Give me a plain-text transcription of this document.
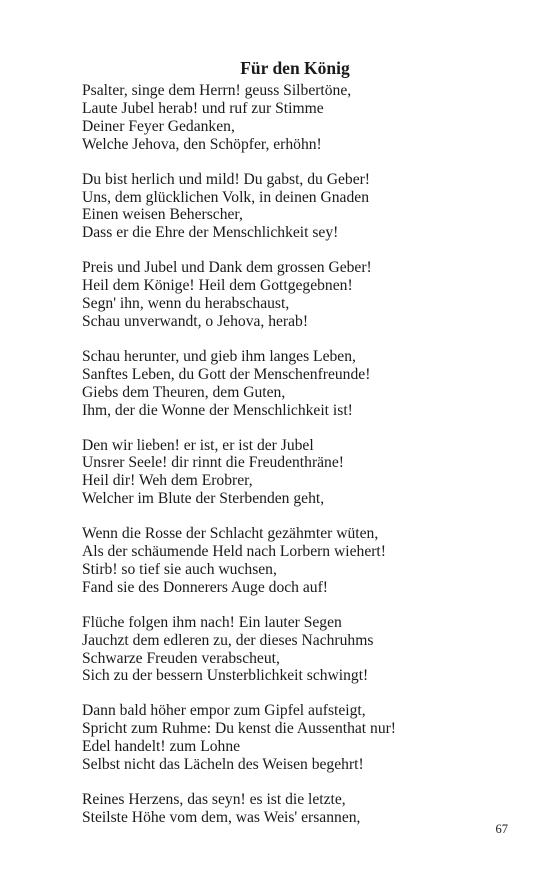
Für den König

Psalter, singe dem Herrn! geuss Silbertöne,

Laute Jubel herab! und ruf zur Stimme

Deiner Feyer Gedanken,

Welche Jehova, den Schöpfer, erhöhn!

Du bist herlich und mild! Du gabst, du Geber!

Uns, dem glücklichen Volk, in deinen Gnaden

Einen weisen Beherscher,

Dass er die Ehre der Menschlichkeit sey!

Preis und Jubel und Dank dem grossen Geber!

Heil dem Könige! Heil dem Gottgegebnen!

Segn' ihn, wenn du herabschaust,

Schau unverwandt, o Jehova, herab!

Schau herunter, und gieb ihm langes Leben,

Sanftes Leben, du Gott der Menschenfreunde!

Giebs dem Theuren, dem Guten,

Ihm, der die Wonne der Menschlichkeit ist!

Den wir lieben! er ist, er ist der Jubel

Unsrer Seele! dir rinnt die Freudenthräne!

Heil dir! Weh dem Erobrer,

Welcher im Blute der Sterbenden geht,

Wenn die Rosse der Schlacht gezähmter wüten,

Als der schäumende Held nach Lorbern wiehert!

Stirb! so tief sie auch wuchsen,

Fand sie des Donnerers Auge doch auf!

Flüche folgen ihm nach! Ein lauter Segen

Jauchzt dem edleren zu, der dieses Nachruhms

Schwarze Freuden verabscheut,

Sich zu der bessern Unsterblichkeit schwingt!

Dann bald höher empor zum Gipfel aufsteigt,

Spricht zum Ruhme: Du kenst die Aussenthat nur!

Edel handelt! zum Lohne

Selbst nicht das Lächeln des Weisen begehrt!

Reines Herzens, das seyn! es ist die letzte,

Steilste Höhe vom dem, was Weis' ersannen,

67
